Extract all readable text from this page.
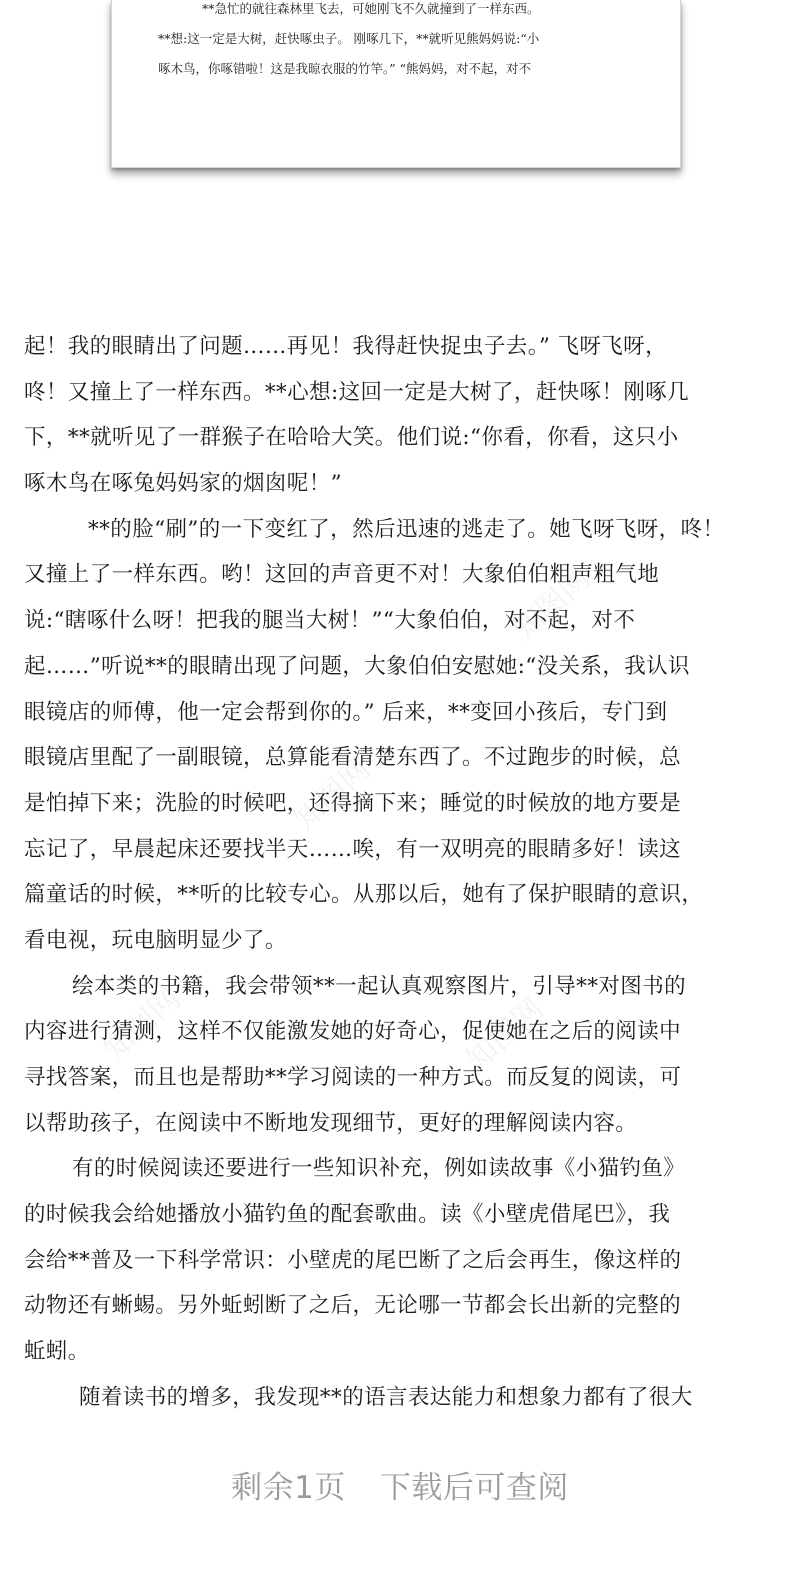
**急忙的就往森林里飞去，可她刚飞不久就撞到了一样东西。
**想:这一定是大树，赶快啄虫子。 刚啄几下，**就听见熊妈妈说:“小
啄木鸟，你啄错啦！这是我晾衣服的竹竿。” “熊妈妈，对不起，对不
知图网
知图网
知图网
知图网
起！我的眼睛出了问题……再见！我得赶快捉虫子去。” 飞呀飞呀，
咚！又撞上了一样东西。**心想:这回一定是大树了，赶快啄！刚啄几
下，**就听见了一群猴子在哈哈大笑。他们说:“你看，你看，这只小
啄木鸟在啄兔妈妈家的烟囱呢！”
**的脸“刷”的一下变红了，然后迅速的逃走了。她飞呀飞呀，咚！
又撞上了一样东西。哟！这回的声音更不对！大象伯伯粗声粗气地
说:“瞎啄什么呀！把我的腿当大树！”“大象伯伯，对不起，对不
起……”听说**的眼睛出现了问题，大象伯伯安慰她:“没关系，我认识
眼镜店的师傅，他一定会帮到你的。” 后来，**变回小孩后，专门到
眼镜店里配了一副眼镜，总算能看清楚东西了。不过跑步的时候，总
是怕掉下来；洗脸的时候吧，还得摘下来；睡觉的时候放的地方要是
忘记了，早晨起床还要找半天……唉，有一双明亮的眼睛多好！读这
篇童话的时候，**听的比较专心。从那以后，她有了保护眼睛的意识，
看电视，玩电脑明显少了。
绘本类的书籍，我会带领**一起认真观察图片，引导**对图书的
内容进行猜测，这样不仅能激发她的好奇心，促使她在之后的阅读中
寻找答案，而且也是帮助**学习阅读的一种方式。而反复的阅读，可
以帮助孩子，在阅读中不断地发现细节，更好的理解阅读内容。
有的时候阅读还要进行一些知识补充，例如读故事《小猫钓鱼》
的时候我会给她播放小猫钓鱼的配套歌曲。读《小壁虎借尾巴》，我
会给**普及一下科学常识：小壁虎的尾巴断了之后会再生，像这样的
动物还有蜥蜴。另外蚯蚓断了之后，无论哪一节都会长出新的完整的
蚯蚓。
随着读书的增多，我发现**的语言表达能力和想象力都有了很大
剩余1页 下载后可查阅
